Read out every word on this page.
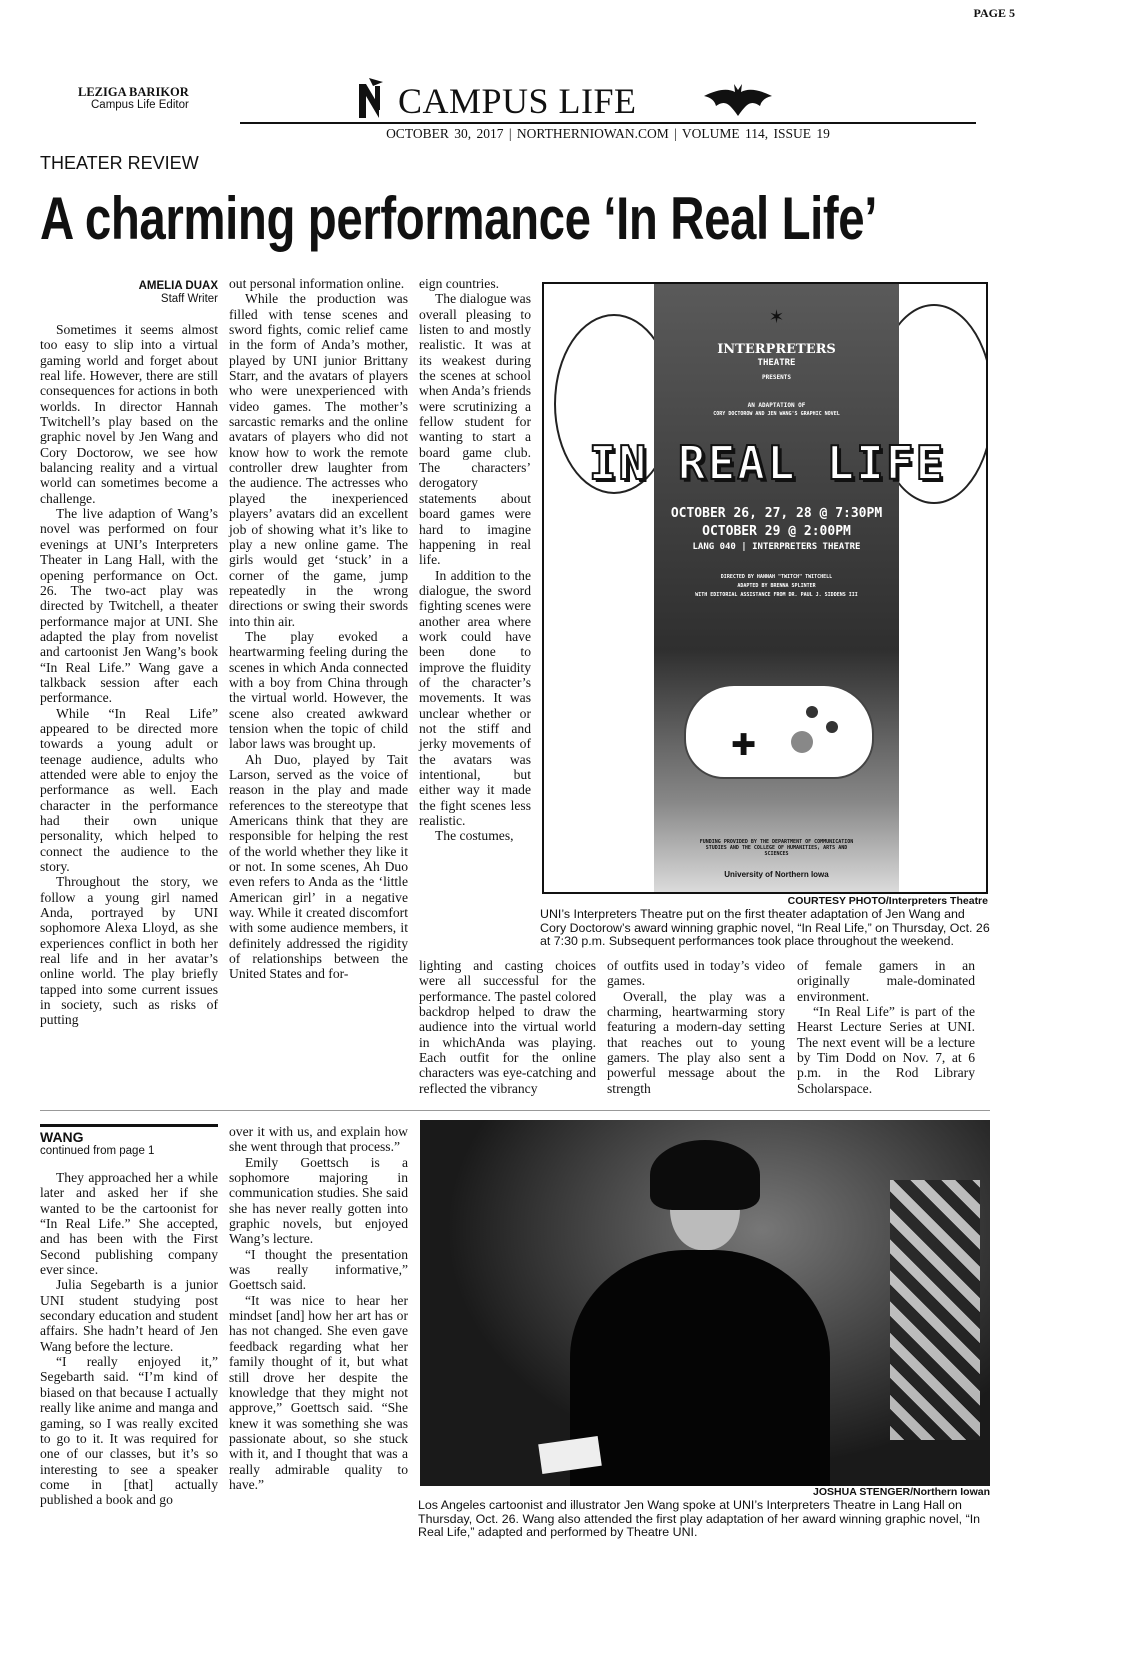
PAGE 5
LEZIGA BARIKOR
Campus Life Editor	CAMPUS LIFE
OCTOBER 30, 2017 | NORTHERNIOWAN.COM | VOLUME 114, ISSUE 19
THEATER REVIEW
A charming performance ‘In Real Life’
AMELIA DUAX
Staff Writer

Sometimes it seems almost too easy to slip into a virtual gaming world and forget about real life. However, there are still consequences for actions in both worlds. In director Hannah Twitchell’s play based on the graphic novel by Jen Wang and Cory Doctorow, we see how balancing reality and a virtual world can sometimes become a challenge.

The live adaption of Wang’s novel was performed on four evenings at UNI’s Interpreters Theater in Lang Hall, with the opening performance on Oct. 26. The two-act play was directed by Twitchell, a theater performance major at UNI. She adapted the play from novelist and cartoonist Jen Wang’s book “In Real Life.” Wang gave a talkback session after each performance.

While “In Real Life” appeared to be directed more towards a young adult or teenage audience, adults who attended were able to enjoy the performance as well. Each character in the performance had their own unique personality, which helped to connect the audience to the story.

Throughout the story, we follow a young girl named Anda, portrayed by UNI sophomore Alexa Lloyd, as she experiences conflict in both her real life and in her avatar’s online world. The play briefly tapped into some current issues in society, such as risks of putting

out personal information online.

While the production was filled with tense scenes and sword fights, comic relief came in the form of Anda’s mother, played by UNI junior Brittany Starr, and the avatars of players who were unexperienced with video games. The mother’s sarcastic remarks and the online avatars of players who did not know how to work the remote controller drew laughter from the audience. The actresses who played the inexperienced players’ avatars did an excellent job of showing what it’s like to play a new online game. The girls would get ‘stuck’ in a corner of the game, jump repeatedly in the wrong directions or swing their swords into thin air.

The play evoked a heartwarming feeling during the scenes in which Anda connected with a boy from China through the virtual world. However, the scene also created awkward tension when the topic of child labor laws was brought up.

Ah Duo, played by Tait Larson, served as the voice of reason in the play and made references to the stereotype that Americans think that they are responsible for helping the rest of the world whether they like it or not. In some scenes, Ah Duo even refers to Anda as the ‘little American girl’ in a negative way. While it created discomfort with some audience members, it definitely addressed the rigidity of relationships between the United States and for-

eign countries.

The dialogue was overall pleasing to listen to and mostly realistic. It was at its weakest during the scenes at school when Anda’s friends were scrutinizing a fellow student for wanting to start a board game club. The characters’ derogatory statements about board games were hard to imagine happening in real life.

In addition to the dialogue, the sword fighting scenes were another area where work could have been done to improve the fluidity of the character’s movements. It was unclear whether or not the stiff and jerky movements of the avatars was intentional, but either way it made the fight scenes less realistic.

The costumes,

lighting and casting choices were all successful for the performance. The pastel colored backdrop helped to draw the audience into the virtual world in whichAnda was playing. Each outfit for the online characters was eye-catching and reflected the vibrancy

of outfits used in today’s video games.

Overall, the play was a charming, heartwarming story featuring a modern-day setting that reaches out to young gamers. The play also sent a powerful message about the strength

of female gamers in an originally male-dominated environment.

“In Real Life” is part of the Hearst Lecture Series at UNI. The next event will be a lecture by Tim Dodd on Nov. 7, at 6 p.m. in the Rod Library Scholarspace.

✶
INTERPRETERS
THEATRE
PRESENTS
AN ADAPTATION OF
CORY DOCTOROW AND JEN WANG'S GRAPHIC NOVEL
OCTOBER 26, 27, 28 @ 7:30PM
OCTOBER 29 @ 2:00PM
LANG 040 | INTERPRETERS THEATRE
DIRECTED BY HANNAH "TWITCH" TWITCHELL
ADAPTED BY BRENNA SPLINTER
WITH EDITORIAL ASSISTANCE FROM DR. PAUL J. SIDDENS III
FUNDING PROVIDED BY THE DEPARTMENT OF COMMUNICATION STUDIES AND THE COLLEGE OF HUMANITIES, ARTS AND SCIENCES
University of Northern Iowa
IN REAL LIFE
✚
COURTESY PHOTO/Interpreters Theatre
UNI’s Interpreters Theatre put on the first theater adaptation of Jen Wang and Cory Doctorow’s award winning graphic novel, “In Real Life,” on Thursday, Oct. 26 at 7:30 p.m. Subsequent performances took place throughout the weekend.
WANG
continued from page 1

They approached her a while later and asked her if she wanted to be the cartoonist for “In Real Life.” She accepted, and has been with the First Second publishing company ever since.

Julia Segebarth is a junior UNI student studying post secondary education and student affairs. She hadn’t heard of Jen Wang before the lecture.

“I really enjoyed it,” Segebarth said. “I’m kind of biased on that because I actually really like anime and manga and gaming, so I was really excited to go to it. It was required for one of our classes, but it’s so interesting to see a speaker come in [that] actually published a book and go

over it with us, and explain how she went through that process.”

Emily Goettsch is a sophomore majoring in communication studies. She said she has never really gotten into graphic novels, but enjoyed Wang’s lecture.

“I thought the presentation was really informative,” Goettsch said.

“It was nice to hear her mindset [and] how her art has or has not changed. She even gave feedback regarding what her family thought of it, but what still drove her despite the knowledge that they might not approve,” Goettsch said. “She knew it was something she was passionate about, so she stuck with it, and I thought that was a really admirable quality to have.”

JOSHUA STENGER/Northern Iowan
Los Angeles cartoonist and illustrator Jen Wang spoke at UNI’s Interpreters Theatre in Lang Hall on Thursday, Oct. 26. Wang also attended the first play adaptation of her award winning graphic novel, “In Real Life,” adapted and performed by Theatre UNI.
